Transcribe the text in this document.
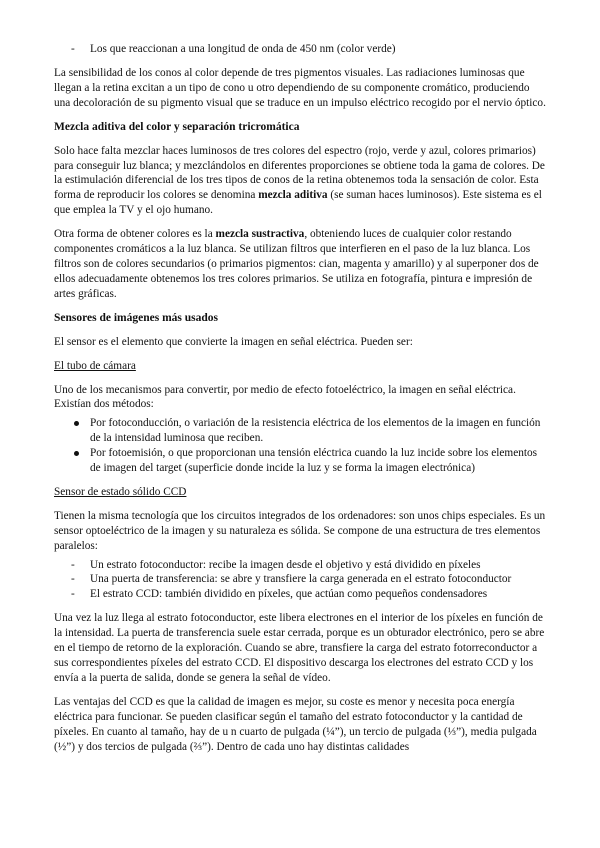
- Los que reaccionan a una longitud de onda de 450 nm (color verde)

La sensibilidad de los conos al color depende de tres pigmentos visuales. Las radiaciones luminosas que llegan a la retina excitan a un tipo de cono u otro dependiendo de su componente cromático, produciendo una decoloración de su pigmento visual que se traduce en un impulso eléctrico recogido por el nervio óptico.

Mezcla aditiva del color y separación tricromática

Solo hace falta mezclar haces luminosos de tres colores del espectro (rojo, verde y azul, colores primarios) para conseguir luz blanca; y mezclándolos en diferentes proporciones se obtiene toda la gama de colores. De la estimulación diferencial de los tres tipos de conos de la retina obtenemos toda la sensación de color. Esta forma de reproducir los colores se denomina mezcla aditiva (se suman haces luminosos). Este sistema es el que emplea la TV y el ojo humano.

Otra forma de obtener colores es la mezcla sustractiva, obteniendo luces de cualquier color restando componentes cromáticos a la luz blanca. Se utilizan filtros que interfieren en el paso de la luz blanca. Los filtros son de colores secundarios (o primarios pigmentos: cian, magenta y amarillo) y al superponer dos de ellos adecuadamente obtenemos los tres colores primarios. Se utiliza en fotografía, pintura e impresión de artes gráficas.

Sensores de imágenes más usados

El sensor es el elemento que convierte la imagen en señal eléctrica. Pueden ser:

El tubo de cámara

Uno de los mecanismos para convertir, por medio de efecto fotoeléctrico, la imagen en señal eléctrica. Existían dos métodos:

Por fotoconducción, o variación de la resistencia eléctrica de los elementos de la imagen en función de la intensidad luminosa que reciben.
Por fotoemisión, o que proporcionan una tensión eléctrica cuando la luz incide sobre los elementos de imagen del target (superficie donde incide la luz y se forma la imagen electrónica)

Sensor de estado sólido CCD

Tienen la misma tecnología que los circuitos integrados de los ordenadores: son unos chips especiales. Es un sensor optoeléctrico de la imagen y su naturaleza es sólida. Se compone de una estructura de tres elementos paralelos:

- Un estrato fotoconductor: recibe la imagen desde el objetivo y está dividido en píxeles
- Una puerta de transferencia: se abre y transfiere la carga generada en el estrato fotoconductor
- El estrato CCD: también dividido en píxeles, que actúan como pequeños condensadores

Una vez la luz llega al estrato fotoconductor, este libera electrones en el interior de los píxeles en función de la intensidad. La puerta de transferencia suele estar cerrada, porque es un obturador electrónico, pero se abre en el tiempo de retorno de la exploración. Cuando se abre, transfiere la carga del estrato fotorreconductor a sus correspondientes píxeles del estrato CCD. El dispositivo descarga los electrones del estrato CCD y los envía a la puerta de salida, donde se genera la señal de vídeo.

Las ventajas del CCD es que la calidad de imagen es mejor, su coste es menor y necesita poca energía eléctrica para funcionar. Se pueden clasificar según el tamaño del estrato fotoconductor y la cantidad de píxeles. En cuanto al tamaño, hay de u n cuarto de pulgada (¼”), un tercio de pulgada (⅓”), media pulgada (½”) y dos tercios de pulgada (⅔”). Dentro de cada uno hay distintas calidades
